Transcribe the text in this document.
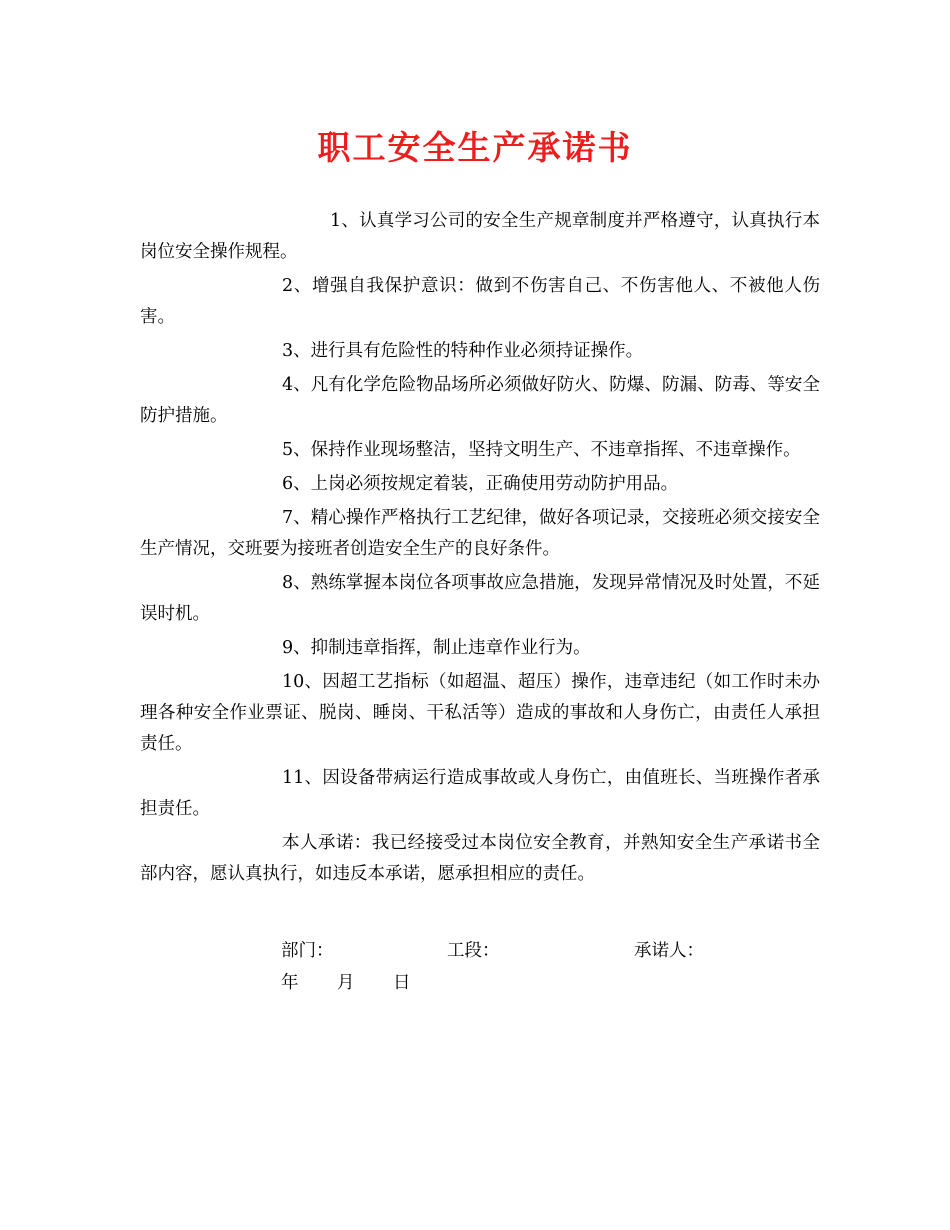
职工安全生产承诺书

1、认真学习公司的安全生产规章制度并严格遵守，认真执行本岗位安全操作规程。

2、增强自我保护意识：做到不伤害自己、不伤害他人、不被他人伤害。

3、进行具有危险性的特种作业必须持证操作。

4、凡有化学危险物品场所必须做好防火、防爆、防漏、防毒、等安全防护措施。

5、保持作业现场整洁，坚持文明生产、不违章指挥、不违章操作。

6、上岗必须按规定着装，正确使用劳动防护用品。

7、精心操作严格执行工艺纪律，做好各项记录，交接班必须交接安全生产情况，交班要为接班者创造安全生产的良好条件。

8、熟练掌握本岗位各项事故应急措施，发现异常情况及时处置，不延误时机。

9、抑制违章指挥，制止违章作业行为。

10、因超工艺指标（如超温、超压）操作，违章违纪（如工作时未办理各种安全作业票证、脱岗、睡岗、干私活等）造成的事故和人身伤亡，由责任人承担责任。

11、因设备带病运行造成事故或人身伤亡，由值班长、当班操作者承担责任。

本人承诺：我已经接受过本岗位安全教育，并熟知安全生产承诺书全部内容，愿认真执行，如违反本承诺，愿承担相应的责任。

部门：	工段：	承诺人：
年 月 日
